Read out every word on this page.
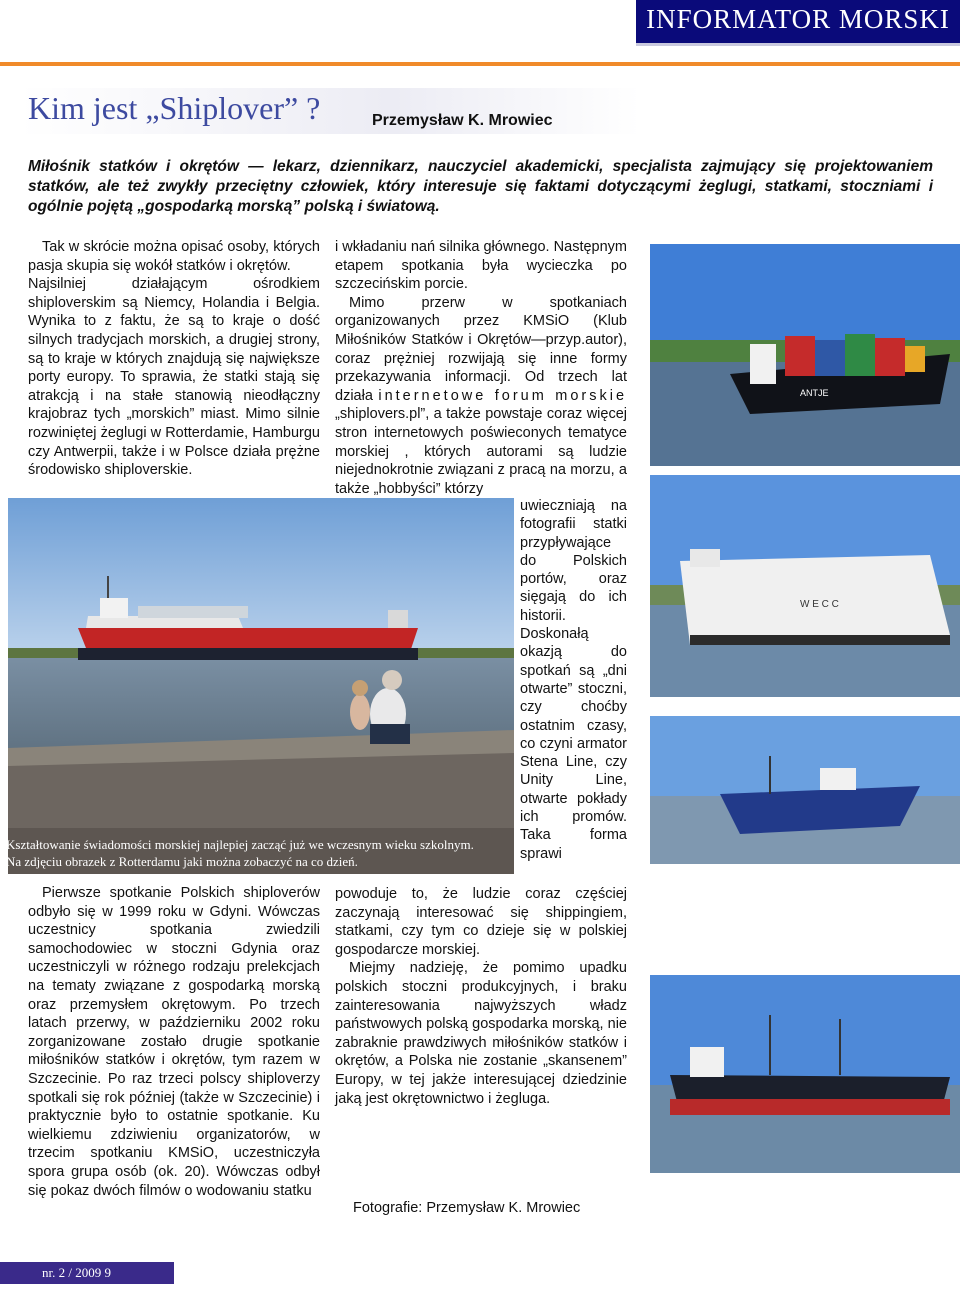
INFORMATOR MORSKI
Kim jest „Shiplover” ?	Przemysław K. Mrowiec
Miłośnik statków i okrętów — lekarz, dziennikarz, nauczyciel akademicki, specjalista zajmujący się projektowaniem statków, ale też zwykły przeciętny człowiek, który interesuje się faktami dotyczącymi żeglugi, statkami, stoczniami i ogólnie pojętą „gospodarką morską” polską i światową.

Tak w skrócie można opisać osoby, których pasja skupia się wokół statków i okrętów.

Najsilniej działającym ośrodkiem shiploverskim są Niemcy, Holandia i Belgia. Wynika to z faktu, że są to kraje o dość silnych tradycjach morskich, a drugiej strony, są to kraje w których znajdują się największe porty europy. To sprawia, że statki stają się atrakcją i na stałe stanowią nieodłączny krajobraz tych „morskich” miast. Mimo silnie rozwiniętej żeglugi w Rotterdamie, Hamburgu czy Antwerpii, także i w Polsce działa prężne środowisko shiploverskie.

i wkładaniu nań silnika głównego. Następnym etapem spotkania była wycieczka po szczecińskim porcie.

Mimo przerw w spotkaniach organizowanych przez KMSiO (Klub Miłośników Statków i Okrętów—przyp.autor), coraz prężniej rozwijają się inne formy przekazywania informacji. Od trzech lat działa internetowe forum morskie „shiplovers.pl”, a także powstaje coraz więcej stron internetowych poświeconych tematyce morskiej , których autorami są ludzie niejednokrotnie związani z pracą na morzu, a także „hobbyści” którzy

uwieczniają na fotografii statki przypływające do Polskich portów, oraz sięgają do ich historii. Doskonałą okazją do spotkań są „dni otwarte” stoczni, czy choćby ostatnim czasy, co czyni armator Stena Line, czy Unity Line, otwarte pokłady ich promów. Taka forma sprawi

powoduje to, że ludzie coraz częściej zaczynają interesować się shippingiem, statkami, czy tym co dzieje się w polskiej gospodarcze morskiej.

Miejmy nadzieję, że pomimo upadku polskich stoczni produkcyjnych, i braku zainteresowania najwyższych władz państwowych polską gospodarka morską, nie zabraknie prawdziwych miłośników statków i okrętów, a Polska nie zostanie „skansenem” Europy, w tej jakże interesującej dziedzinie jaką jest okrętownictwo i żegluga.

Pierwsze spotkanie Polskich shiploverów odbyło się w 1999 roku w Gdyni. Wówczas uczestnicy spotkania zwiedzili samochodowiec w stoczni Gdynia oraz uczestniczyli w różnego rodzaju prelekcjach na tematy związane z gospodarką morską oraz przemysłem okrętowym. Po trzech latach przerwy, w październiku 2002 roku zorganizowane zostało drugie spotkanie miłośników statków i okrętów, tym razem w Szczecinie. Po raz trzeci polscy shiploverzy spotkali się rok później (także w Szczecinie) i praktycznie było to ostatnie spotkanie. Ku wielkiemu zdziwieniu organizatorów, w trzecim spotkaniu KMSiO, uczestniczyła spora grupa osób (ok. 20). Wówczas odbył się pokaz dwóch filmów o wodowaniu statku

Kształtowanie świadomości morskiej najlepiej zacząć już we wczesnym wieku szkolnym. Na zdjęciu obrazek z Rotterdamu jaki można zobaczyć na co dzień.
ANTJE
W E C C
Fotografie: Przemysław K. Mrowiec
nr. 2 / 2009 9
